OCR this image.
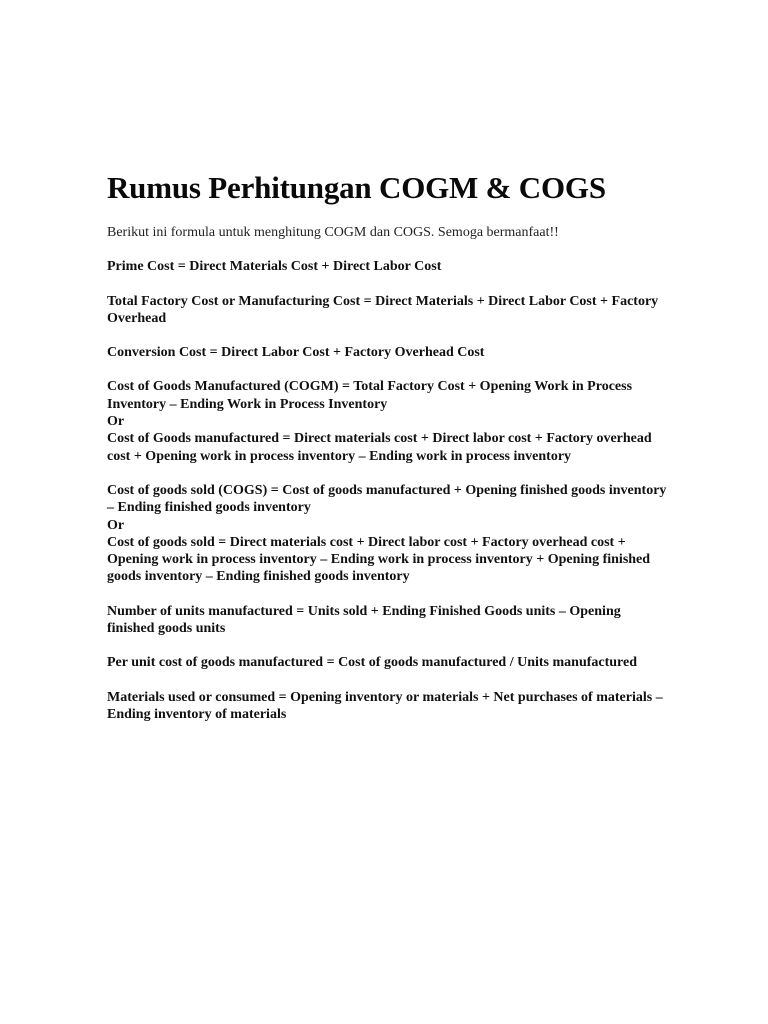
Rumus Perhitungan COGM & COGS

Berikut ini formula untuk menghitung COGM dan COGS. Semoga bermanfaat!!

Prime Cost = Direct Materials Cost + Direct Labor Cost

Total Factory Cost or Manufacturing Cost = Direct Materials + Direct Labor Cost + Factory Overhead

Conversion Cost = Direct Labor Cost + Factory Overhead Cost

Cost of Goods Manufactured (COGM) = Total Factory Cost + Opening Work in Process Inventory – Ending Work in Process Inventory
Or
Cost of Goods manufactured = Direct materials cost + Direct labor cost + Factory overhead cost + Opening work in process inventory – Ending work in process inventory

Cost of goods sold (COGS) = Cost of goods manufactured + Opening finished goods inventory – Ending finished goods inventory
Or
Cost of goods sold = Direct materials cost + Direct labor cost + Factory overhead cost + Opening work in process inventory – Ending work in process inventory + Opening finished goods inventory – Ending finished goods inventory

Number of units manufactured = Units sold + Ending Finished Goods units – Opening finished goods units

Per unit cost of goods manufactured = Cost of goods manufactured / Units manufactured

Materials used or consumed = Opening inventory or materials + Net purchases of materials – Ending inventory of materials
